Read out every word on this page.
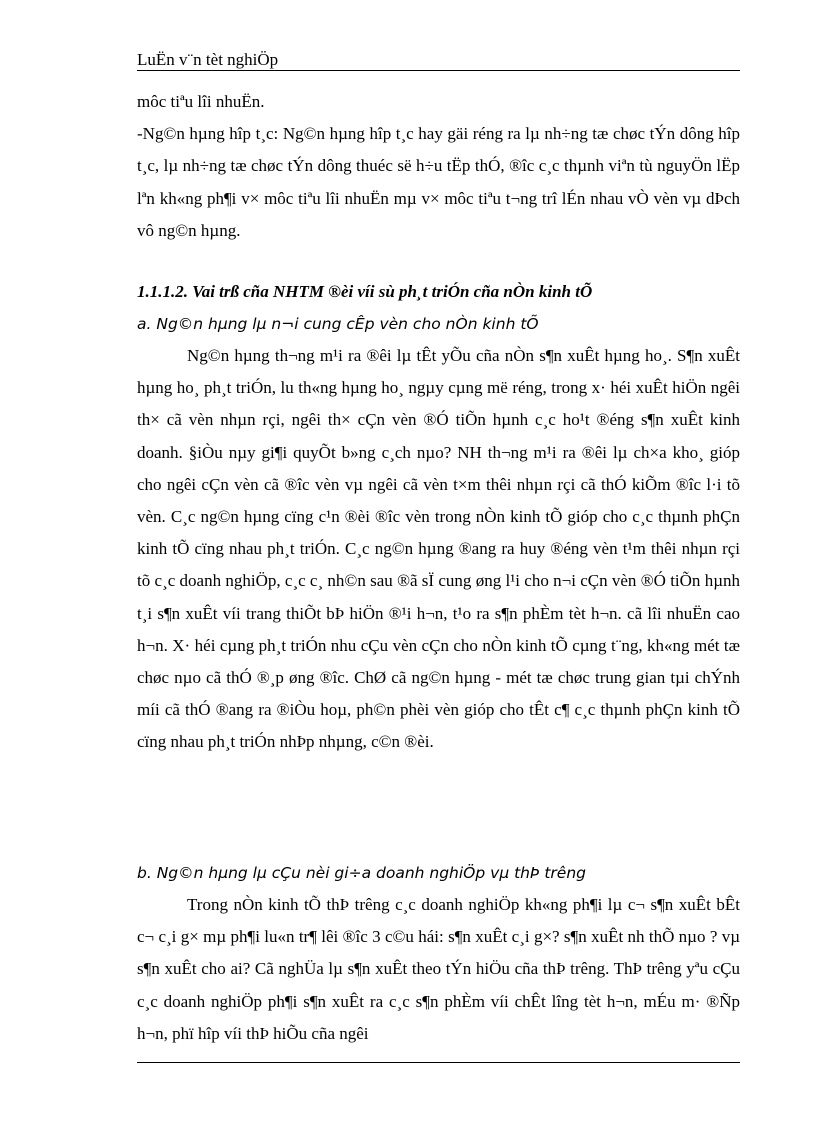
LuËn v¨n tèt nghiÖp

môc tiªu lîi nhuËn.

-Ng©n hµng hîp t¸c: Ng©n hµng hîp t¸c hay gäi réng ra lµ nh÷ng tæ chøc tÝn dông hîp t¸c, lµ nh÷ng tæ chøc tÝn dông thuéc së h÷u tËp thÓ, ®îc c¸c thµnh viªn tù nguyÖn lËp lªn kh«ng ph¶i v× môc tiªu lîi nhuËn mµ v× môc tiªu t¬ng trî lÉn nhau vÒ vèn vµ dÞch vô ng©n hµng.

1.1.1.2. Vai trß cña NHTM ®èi víi sù ph¸t triÓn cña nÒn kinh tÕ

a. Ng©n hµng lµ n¬i cung cÊp vèn cho nÒn kinh tÕ

Ng©n hµng th¬ng m¹i ra ®êi lµ tÊt yÕu cña nÒn s¶n xuÊt hµng ho¸. S¶n xuÊt hµng ho¸ ph¸t triÓn, lu th«ng hµng ho¸ ngµy cµng më réng, trong x· héi xuÊt hiÖn ngêi th× cã vèn nhµn rçi, ngêi th× cÇn vèn ®Ó tiÕn hµnh c¸c ho¹t ®éng s¶n xuÊt kinh doanh. §iÒu nµy gi¶i quyÕt b»ng c¸ch nµo? NH th¬ng m¹i ra ®êi lµ ch×a kho¸ gióp cho ngêi cÇn vèn cã ®îc vèn vµ ngêi cã vèn t×m thêi nhµn rçi cã thÓ kiÕm ®îc l·i tõ vèn. C¸c ng©n hµng cïng c¹n ®èi ®îc vèn trong nÒn kinh tÕ gióp cho c¸c thµnh phÇn kinh tÕ cïng nhau ph¸t triÓn. C¸c ng©n hµng ®ang ra huy ®éng vèn t¹m thêi nhµn rçi tõ c¸c doanh nghiÖp, c¸c c¸ nh©n sau ®ã sÏ cung øng l¹i cho n¬i cÇn vèn ®Ó tiÕn hµnh t¸i s¶n xuÊt víi trang thiÕt bÞ hiÖn ®¹i h¬n, t¹o ra s¶n phÈm tèt h¬n. cã lîi nhuËn cao h¬n. X· héi cµng ph¸t triÓn nhu cÇu vèn cÇn cho nÒn kinh tÕ cµng t¨ng, kh«ng mét tæ chøc nµo cã thÓ ®¸p øng ®îc. ChØ cã ng©n hµng - mét tæ chøc trung gian tµi chÝnh míi cã thÓ ®ang ra ®iÒu hoµ, ph©n phèi vèn gióp cho tÊt c¶ c¸c thµnh phÇn kinh tÕ cïng nhau ph¸t triÓn nhÞp nhµng, c©n ®èi.

b. Ng©n hµng lµ cÇu nèi gi÷a doanh nghiÖp vµ thÞ trêng

Trong nÒn kinh tÕ thÞ trêng c¸c doanh nghiÖp kh«ng ph¶i lµ c¬ s¶n xuÊt bÊt c¬ c¸i g× mµ ph¶i lu«n tr¶ lêi ®îc 3 c©u hái: s¶n xuÊt c¸i g×? s¶n xuÊt nh thÕ nµo ? vµ s¶n xuÊt cho ai? Cã nghÜa lµ s¶n xuÊt theo tÝn hiÖu cña thÞ trêng. ThÞ trêng yªu cÇu c¸c doanh nghiÖp ph¶i s¶n xuÊt ra c¸c s¶n phÈm víi chÊt lîng tèt h¬n, mÉu m· ®Ñp h¬n, phï hîp víi thÞ hiÕu cña ngêi
